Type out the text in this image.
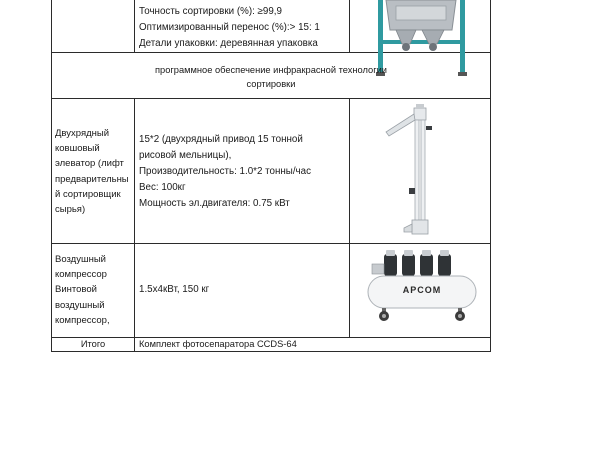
Точность сортировки (%): ≥99,9
Оптимизированный перенос (%):> 15: 1
Детали упаковки: деревянная упаковка
программное обеспечение инфракрасной технологии
сортировки
Двухрядный
ковшовый
элеватор (лифт
предварительны
й сортировщик
сырья)
15*2 (двухрядный привод 15 тонной
рисовой мельницы),
Производительность: 1.0*2 тонны/час
Вес: 100кг
Мощность эл.двигателя: 0.75 кВт
Воздушный
компрессор
Винтовой
воздушный
компрессор,
1.5х4кВт, 150 кг	APCOM
Итого	Комплект фотосепаратора CCDS-64
